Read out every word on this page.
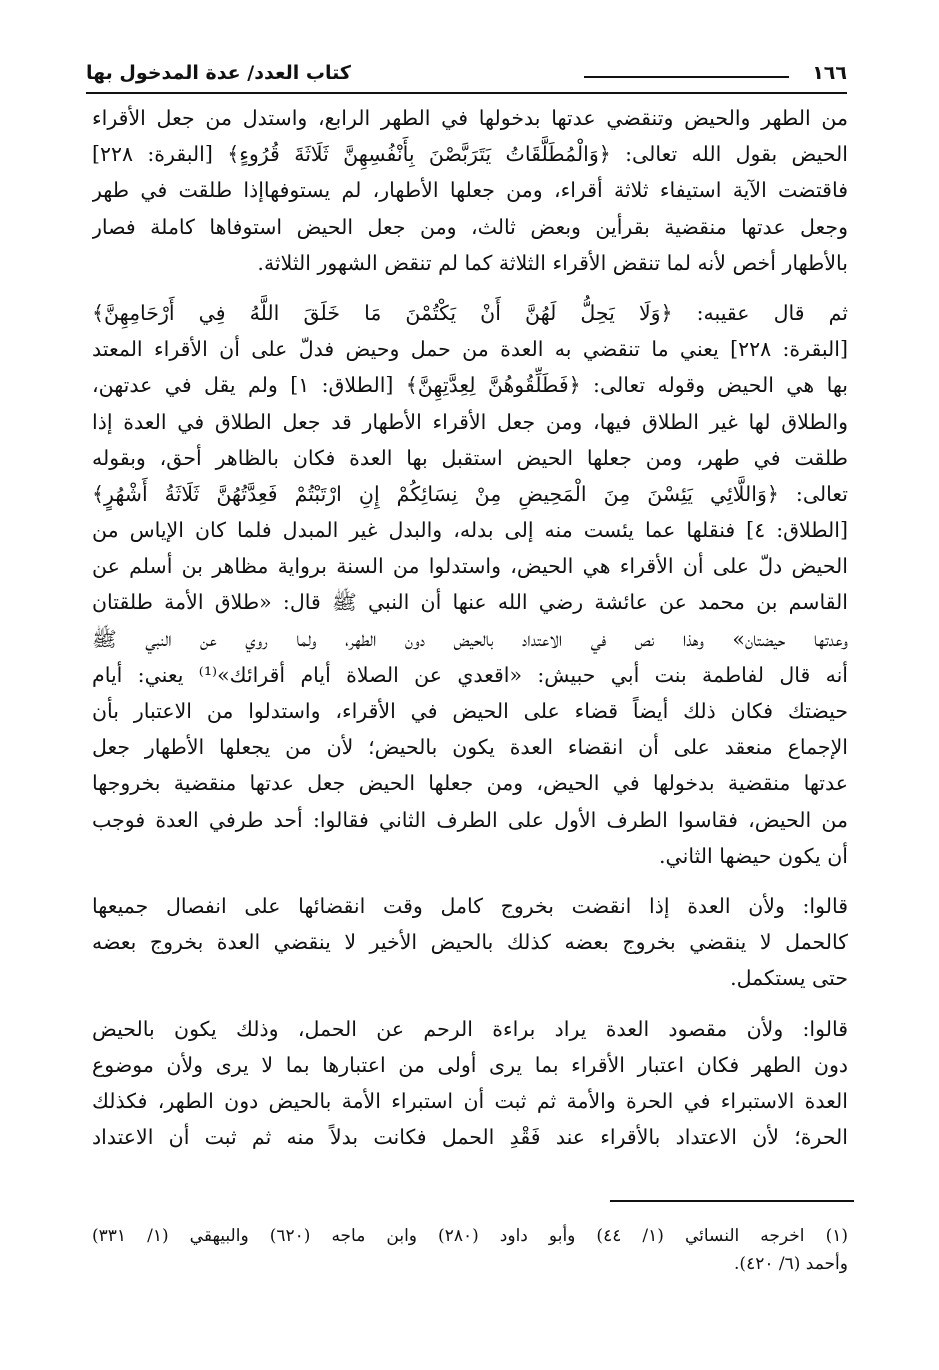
١٦٦
كتاب العدد/ عدة المدخول بها
من الطهر والحيض وتنقضي عدتها بدخولها في الطهر الرابع، واستدل من جعل الأقراء
الحيض بقول الله تعالى: ﴿وَالْمُطَلَّقَاتُ يَتَرَبَّصْنَ بِأَنْفُسِهِنَّ ثَلَاثَةَ قُرُوءٍ﴾ [البقرة: ٢٢٨]
فاقتضت الآية استيفاء ثلاثة أقراء، ومن جعلها الأطهار، لم يستوفهاإذا طلقت في طهر
وجعل عدتها منقضية بقرأين وبعض ثالث، ومن جعل الحيض استوفاها كاملة فصار
بالأطهار أخص لأنه لما تنقض الأقراء الثلاثة كما لم تنقض الشهور الثلاثة.
ثم قال عقيبه: ﴿وَلَا يَحِلُّ لَهُنَّ أَنْ يَكْتُمْنَ مَا خَلَقَ اللَّهُ فِي أَرْحَامِهِنَّ﴾
[البقرة: ٢٢٨] يعني ما تنقضي به العدة من حمل وحيض فدلّ على أن الأقراء المعتد
بها هي الحيض وقوله تعالى: ﴿فَطَلِّقُوهُنَّ لِعِدَّتِهِنَّ﴾ [الطلاق: ١] ولم يقل في عدتهن،
والطلاق لها غير الطلاق فيها، ومن جعل الأقراء الأطهار قد جعل الطلاق في العدة إذا
طلقت في طهر، ومن جعلها الحيض استقبل بها العدة فكان بالظاهر أحق، وبقوله
تعالى: ﴿وَاللَّائِي يَئِسْنَ مِنَ الْمَحِيضِ مِنْ نِسَائِكُمْ إِنِ ارْتَبْتُمْ فَعِدَّتُهُنَّ ثَلَاثَةُ أَشْهُرٍ﴾
[الطلاق: ٤] فنقلها عما يئست منه إلى بدله، والبدل غير المبدل فلما كان الإياس من
الحيض دلّ على أن الأقراء هي الحيض، واستدلوا من السنة برواية مظاهر بن أسلم عن
القاسم بن محمد عن عائشة رضي الله عنها أن النبي ﷺ قال: «طلاق الأمة طلقتان
وعدتها حيضتان» وهذا نص في الاعتداد بالحيض دون الطهر، ولما روي عن النبي ﷺ
أنه قال لفاطمة بنت أبي حبيش: «اقعدي عن الصلاة أيام أقرائك»⁽¹⁾ يعني: أيام
حيضتك فكان ذلك أيضاً قضاء على الحيض في الأقراء، واستدلوا من الاعتبار بأن
الإجماع منعقد على أن انقضاء العدة يكون بالحيض؛ لأن من يجعلها الأطهار جعل
عدتها منقضية بدخولها في الحيض، ومن جعلها الحيض جعل عدتها منقضية بخروجها
من الحيض، فقاسوا الطرف الأول على الطرف الثاني فقالوا: أحد طرفي العدة فوجب
أن يكون حيضها الثاني.
قالوا: ولأن العدة إذا انقضت بخروج كامل وقت انقضائها على انفصال جميعها
كالحمل لا ينقضي بخروج بعضه كذلك بالحيض الأخير لا ينقضي العدة بخروج بعضه
حتى يستكمل.
قالوا: ولأن مقصود العدة يراد براءة الرحم عن الحمل، وذلك يكون بالحيض
دون الطهر فكان اعتبار الأقراء بما يرى أولى من اعتبارها بما لا يرى ولأن موضوع
العدة الاستبراء في الحرة والأمة ثم ثبت أن استبراء الأمة بالحيض دون الطهر، فكذلك
الحرة؛ لأن الاعتداد بالأقراء عند فَقْدِ الحمل فكانت بدلاً منه ثم ثبت أن الاعتداد
(١) اخرجه النسائي (١/ ٤٤) وأبو داود (٢٨٠) وابن ماجه (٦٢٠) والبيهقي (١/ ٣٣١)
وأحمد (٦/ ٤٢٠).
